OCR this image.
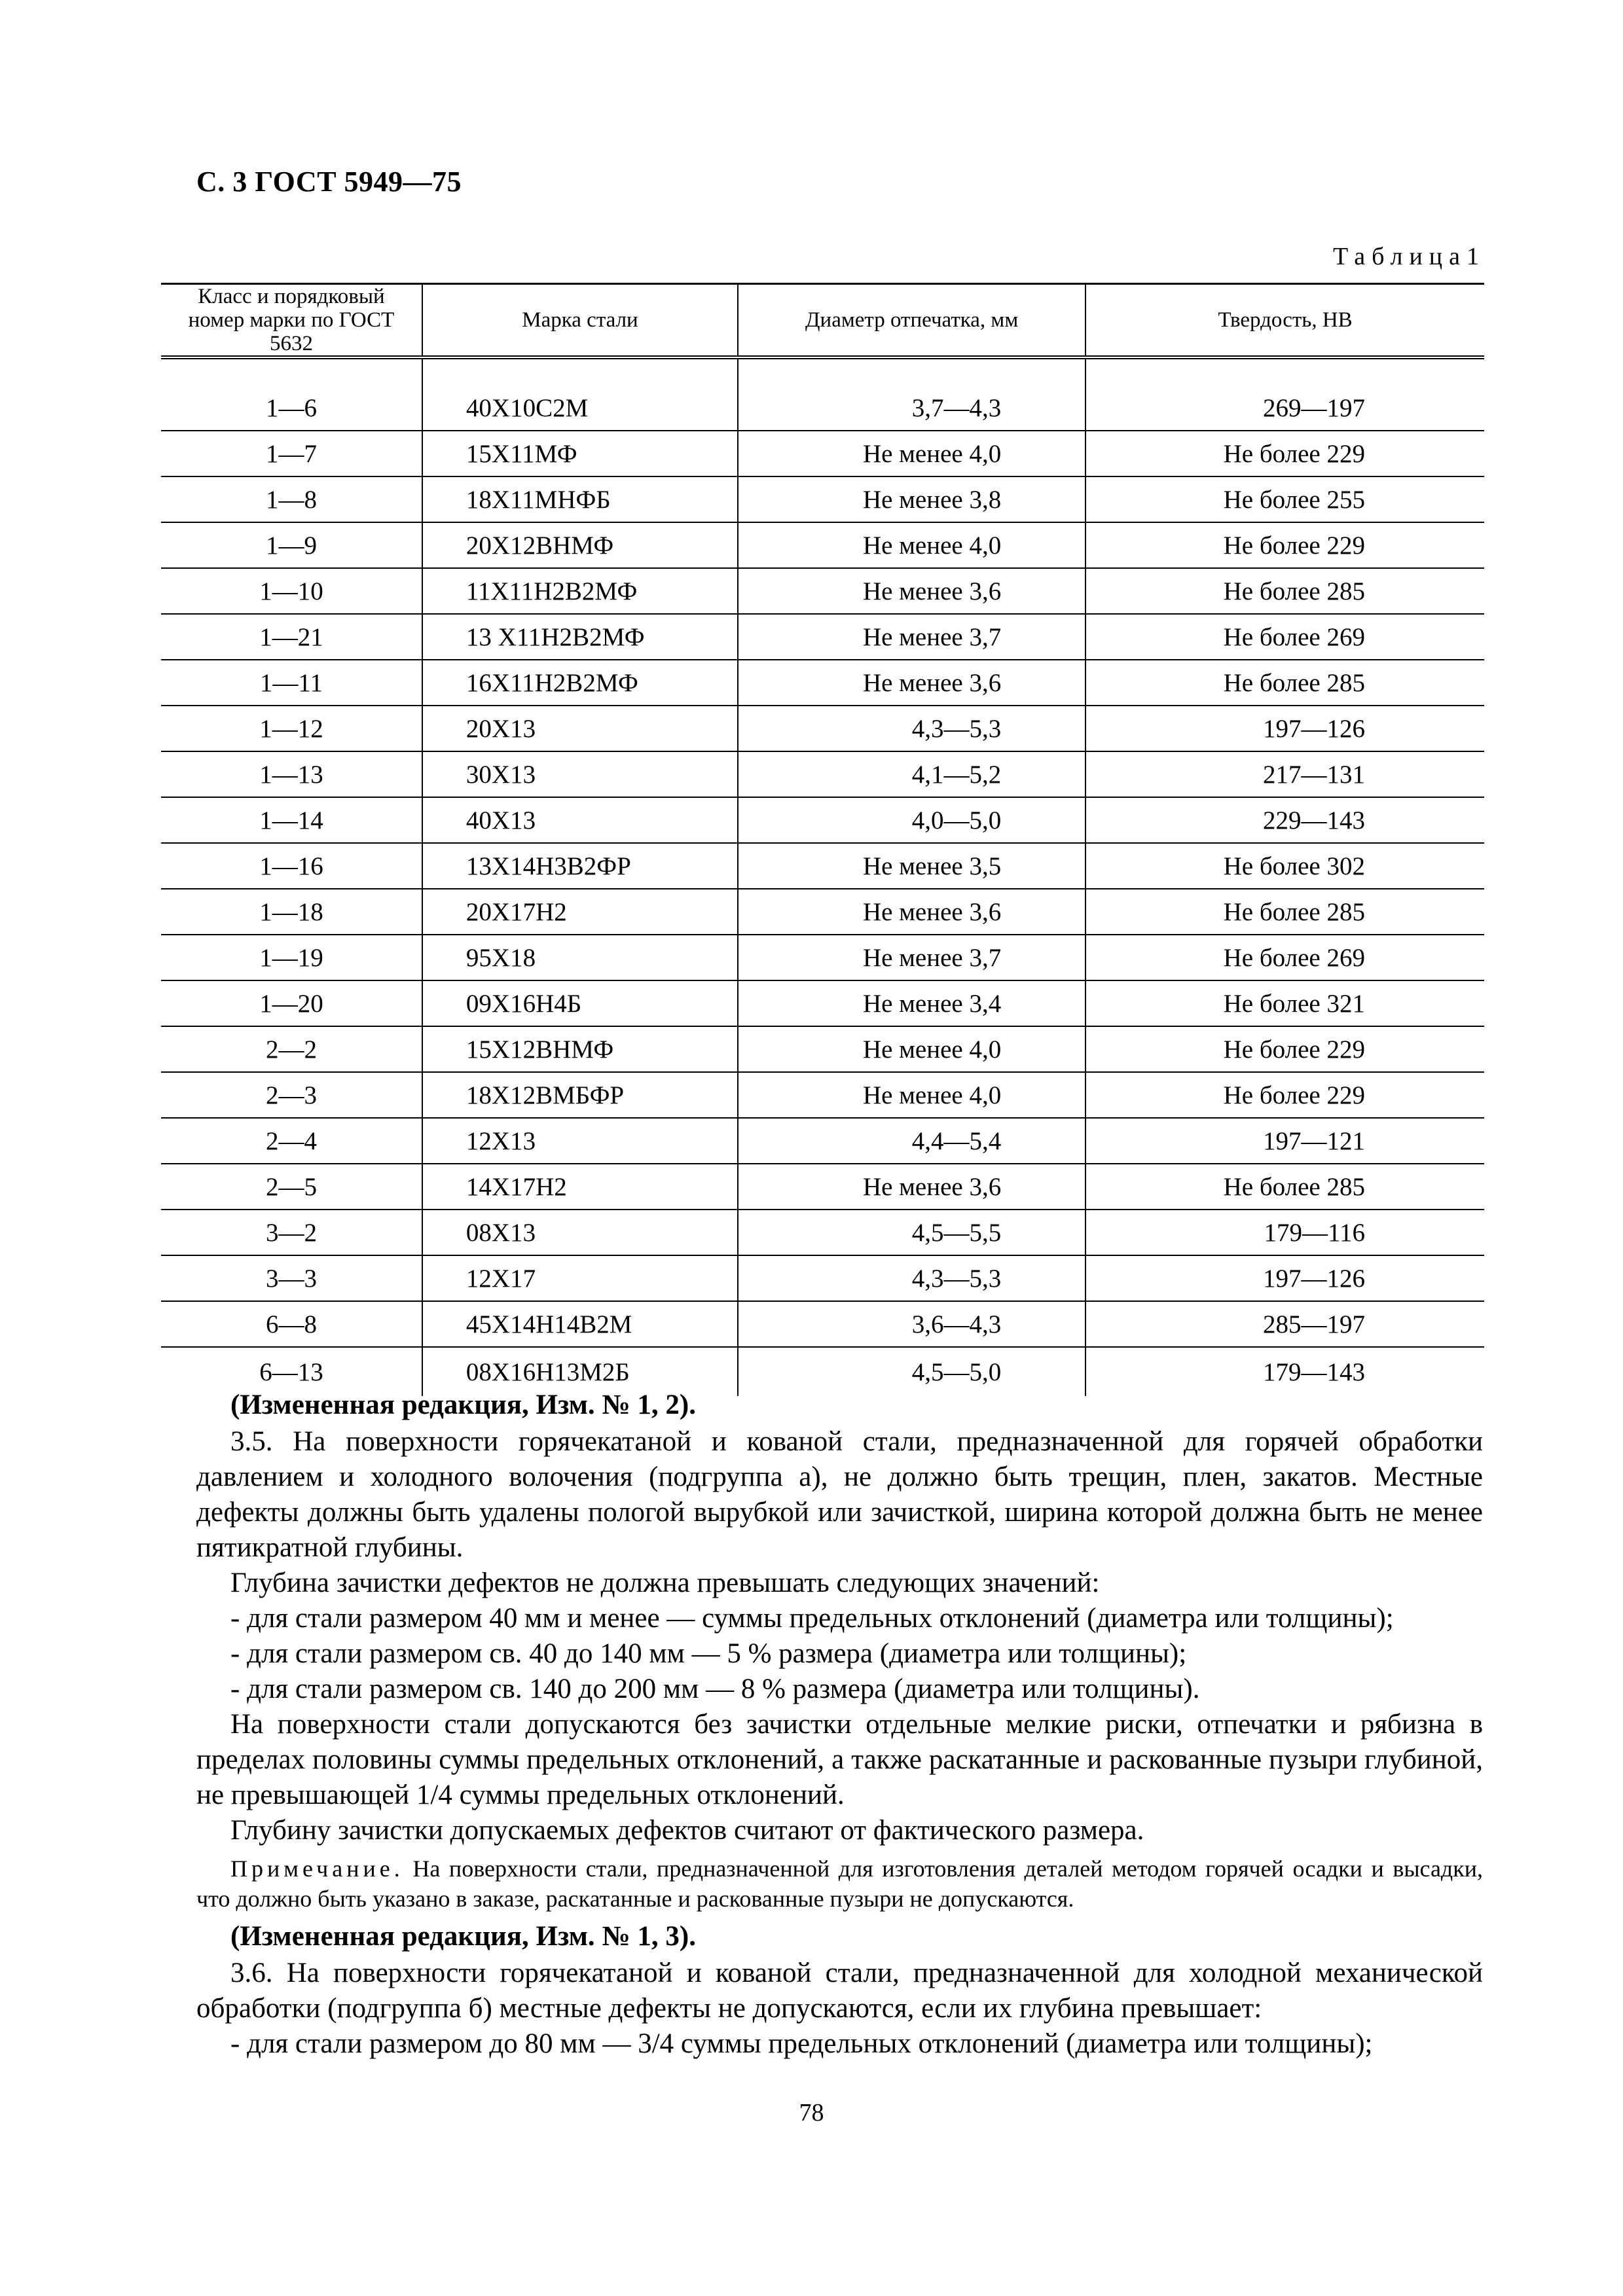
С. 3 ГОСТ 5949—75
Таблица1
Класс и порядковый номер марки по ГОСТ 5632	Марка стали	Диаметр отпечатка, мм	Твердость, НВ

1—6	40Х10С2М	3,7—4,3	269—197
1—7	15Х11МФ	Не менее 4,0	Не более 229
1—8	18Х11МНФБ	Не менее 3,8	Не более 255
1—9	20Х12ВНМФ	Не менее 4,0	Не более 229
1—10	11Х11Н2В2МФ	Не менее 3,6	Не более 285
1—21	13 Х11Н2В2МФ	Не менее 3,7	Не более 269
1—11	16Х11Н2В2МФ	Не менее 3,6	Не более 285
1—12	20Х13	4,3—5,3	197—126
1—13	30Х13	4,1—5,2	217—131
1—14	40Х13	4,0—5,0	229—143
1—16	13Х14Н3В2ФР	Не менее 3,5	Не более 302
1—18	20Х17Н2	Не менее 3,6	Не более 285
1—19	95Х18	Не менее 3,7	Не более 269
1—20	09Х16Н4Б	Не менее 3,4	Не более 321
2—2	15Х12ВНМФ	Не менее 4,0	Не более 229
2—3	18Х12ВМБФР	Не менее 4,0	Не более 229
2—4	12Х13	4,4—5,4	197—121
2—5	14Х17Н2	Не менее 3,6	Не более 285
3—2	08Х13	4,5—5,5	179—116
3—3	12Х17	4,3—5,3	197—126
6—8	45Х14Н14В2М	3,6—4,3	285—197
6—13	08Х16Н13М2Б	4,5—5,0	179—143

(Измененная редакция, Изм. № 1, 2).

3.5. На поверхности горячекатаной и кованой стали, предназначенной для горячей обработки давлением и холодного волочения (подгруппа а), не должно быть трещин, плен, закатов. Местные дефекты должны быть удалены пологой вырубкой или зачисткой, ширина которой должна быть не менее пятикратной глубины.

Глубина зачистки дефектов не должна превышать следующих значений:

- для стали размером 40 мм и менее — суммы предельных отклонений (диаметра или толщины);

- для стали размером св. 40 до 140 мм — 5 % размера (диаметра или толщины);

- для стали размером св. 140 до 200 мм — 8 % размера (диаметра или толщины).

На поверхности стали допускаются без зачистки отдельные мелкие риски, отпечатки и рябизна в пределах половины суммы предельных отклонений, а также раскатанные и раскованные пузыри глубиной, не превышающей 1/4 суммы предельных отклонений.

Глубину зачистки допускаемых дефектов считают от фактического размера.

Примечание. На поверхности стали, предназначенной для изготовления деталей методом горячей осадки и высадки, что должно быть указано в заказе, раскатанные и раскованные пузыри не допускаются.

(Измененная редакция, Изм. № 1, 3).

3.6. На поверхности горячекатаной и кованой стали, предназначенной для холодной механической обработки (подгруппа б) местные дефекты не допускаются, если их глубина превышает:

- для стали размером до 80 мм — 3/4 суммы предельных отклонений (диаметра или толщины);

78
